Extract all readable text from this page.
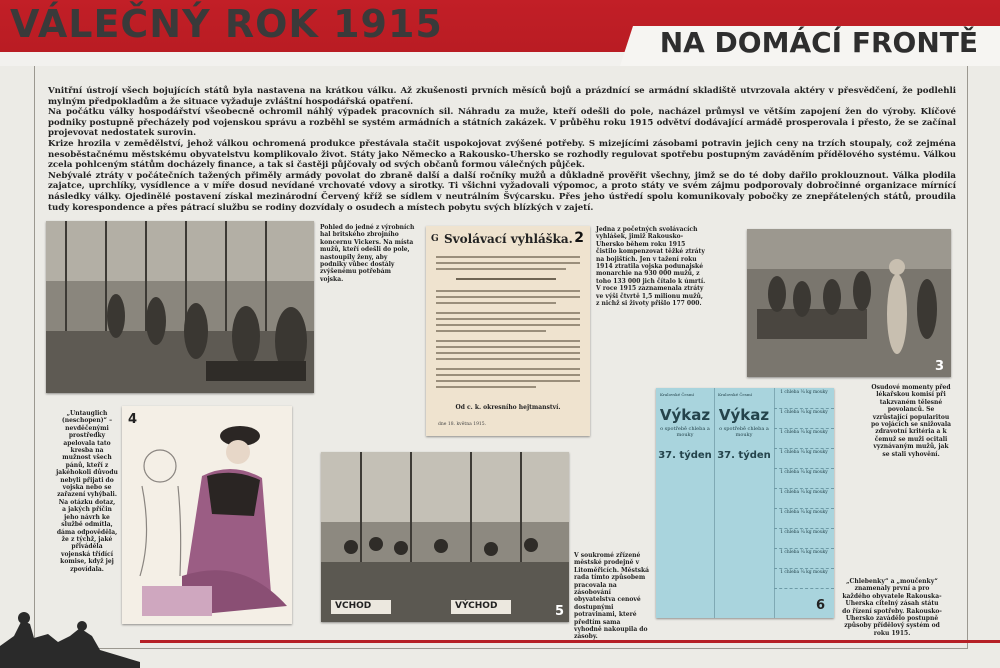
VÁLEČNÝ ROK 1915	NA DOMÁCÍ FRONTĚ

Vnitřní ústrojí všech bojujících států byla nastavena na krátkou válku. Až zkušenosti prvních měsíců bojů a prázdnící se armádní skladiště utvrzovala aktéry v přesvědčení, že podlehli mylným předpokladům a že situace vyžaduje zvláštní hospodářská opatření.

Na počátku války hospodářství všeobecně ochromil náhlý výpadek pracovních sil. Náhradu za muže, kteří odešli do pole, nacházel průmysl ve větším zapojení žen do výroby. Klíčové podniky postupně přecházely pod vojenskou správu a rozběhl se systém armádních a státních zakázek. V průběhu roku 1915 odvětví dodávající armádě prosperovala i přesto, že se začínal projevovat nedostatek surovin.

Krize hrozila v zemědělství, jehož válkou ochromená produkce přestávala stačit uspokojovat zvýšené potřeby. S mizejícími zásobami potravin jejich ceny na trzích stoupaly, což zejména nesoběstačnému městskému obyvatelstvu komplikovalo život. Státy jako Německo a Rakousko-Uhersko se rozhodly regulovat spotřebu postupným zaváděním přídělového systému. Válkou zcela pohlceným státům docházely finance, a tak si častěji půjčovaly od svých občanů formou válečných půjček.

Nebývalé ztráty v počátečních tažených přiměly armády povolat do zbraně další a další ročníky mužů a důkladně prověřit všechny, jimž se do té doby dařilo proklouznout. Válka plodila zajatce, uprchlíky, vysídlence a v míře dosud nevídané vrchovaté vdovy a sirotky. Ti všichni vyžadovali výpomoc, a proto státy ve svém zájmu podporovaly dobročinné organizace mírnící následky války. Ojedinělé postavení získal mezinárodní Červený kříž se sídlem v neutrálním Švýcarsku. Přes jeho ústředí spolu komunikovaly pobočky ze znepřátelených států, proudila tudy korespondence a přes pátrací službu se rodiny dozvídaly o osudech a místech pobytu svých blízkých v zajetí.

Pohled do jedné z výrobních hal britského zbrojního koncernu Vickers. Na místa mužů, kteří odešli do pole, nastoupily ženy, aby podniky vůbec dostály zvýšenému potřebám vojska.
G Svolávací vyhláška. 2
Od c. k. okresního hejtmanství.
dne 18. května 1915.
Jedna z početných svolávacích vyhlášek, jimiž Rakousko-Uhersko během roku 1915 čistilo kompenzovat těžké ztráty na bojištích. Jen v tažení roku 1914 ztratila vojska podunajské monarchie na 930 000 mužů, z toho 133 000 jich čítalo k úmrtí. V roce 1915 zaznamenala ztráty ve výši čtvrtě 1,5 milionu mužů, z nichž si životy přišlo 177 000.
3
Osudové momenty před lékařskou komisí při takzvaném tělesné povolanců. Se vzrůstající popularitou po vojácích se snižovala zdravotní kritéria a k čemuž se muži ocitali vyznávaným mužů, jak se stali vyhovění.
„Untauglich (neschopen)“ – nevděčenými prostředky apelovala tato kresba na mužnost všech pánů, kteří z jakéhokoli důvodu nebyli přijati do vojska nebo se zařazení vyhýbali. Na otázku dotaz, a jakých příčin jeho návrh ke službě odmítla, dáma odpověděla, že z týchž, jaké přiváděla vojenská třídící komise, když jej zpovídala.
4
VCHOD	VÝCHOD	5
V soukromé zřízené městské prodejně v Litoměřicích. Městská rada tímto způsobem pracovala na zásobování obyvatelstva cenové dostupnými potravinami, které předtím sama vyhodně nakoupila do zásoby.
Kralovské Česmí
Výkaz
o spotřebě chleba a mouky
37. týden
Kralovské Česmí
Výkaz
o spotřebě chleba a mouky
37. týden
1 chleba ¼ kg mouky
1 chleba ¼ kg mouky
1 chleba ¼ kg mouky
1 chleba ¼ kg mouky
1 chleba ¼ kg mouky
1 chleba ¼ kg mouky
1 chleba ¼ kg mouky
1 chleba ¼ kg mouky
1 chleba ¼ kg mouky
1 chleba ¼ kg mouky
6
„Chlebenky“ a „moučenky“ znamenaly první a pro každého obyvatele Rakouska-Uherska citelný zásah státu do řízení spotřeby. Rakousko-Uhersko zavádělo postupně způsoby přídělový systém od roku 1915.
